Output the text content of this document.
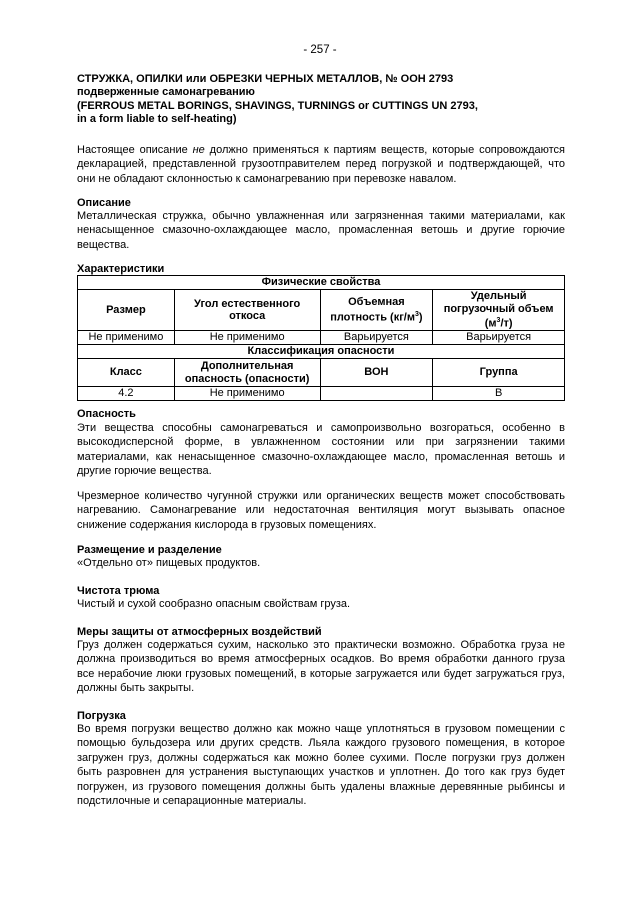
- 257 -
СТРУЖКА, ОПИЛКИ или ОБРЕЗКИ ЧЕРНЫХ МЕТАЛЛОВ, № ООН 2793
подверженные самонагреванию
(FERROUS METAL BORINGS, SHAVINGS, TURNINGS or CUTTINGS UN 2793,
in a form liable to self-heating)
Настоящее описание не должно применяться к партиям веществ, которые сопровождаются декларацией, представленной грузоотправителем перед погрузкой и подтверждающей, что они не обладают склонностью к самонагреванию при перевозке навалом.
Описание
Металлическая стружка, обычно увлажненная или загрязненная такими материалами, как ненасыщенное смазочно-охлаждающее масло, промасленная ветошь и другие горючие вещества.
Характеристики
Физические свойства			
Размер	Угол естественного откоса	Объемная плотность $(кг/м^3)$	Удельный погрузочный объем $(м^3/т)$
Не применимо	Не применимо	Варьируется	Варьируется
Классификация опасности			
Класс	Дополнительная опасность (опасности)	ВОН	Группа
4.2	Не применимо		B
Опасность
Эти вещества способны самонагреваться и самопроизвольно возгораться, особенно в высокодисперсной форме, в увлажненном состоянии или при загрязнении такими материалами, как ненасыщенное смазочно-охлаждающее масло, промасленная ветошь и другие горючие вещества.
Чрезмерное количество чугунной стружки или органических веществ может способствовать нагреванию. Самонагревание или недостаточная вентиляция могут вызывать опасное снижение содержания кислорода в грузовых помещениях.
Размещение и разделение
«Отдельно от» пищевых продуктов.
Чистота трюма
Чистый и сухой сообразно опасным свойствам груза.
Меры защиты от атмосферных воздействий
Груз должен содержаться сухим, насколько это практически возможно. Обработка груза не должна производиться во время атмосферных осадков. Во время обработки данного груза все нерабочие люки грузовых помещений, в которые загружается или будет загружаться груз, должны быть закрыты.
Погрузка
Во время погрузки вещество должно как можно чаще уплотняться в грузовом помещении с помощью бульдозера или других средств. Льяла каждого грузового помещения, в которое загружен груз, должны содержаться как можно более сухими. После погрузки груз должен быть разровнен для устранения выступающих участков и уплотнен. До того как груз будет погружен, из грузового помещения должны быть удалены влажные деревянные рыбинсы и подстилочные и сепарационные материалы.
